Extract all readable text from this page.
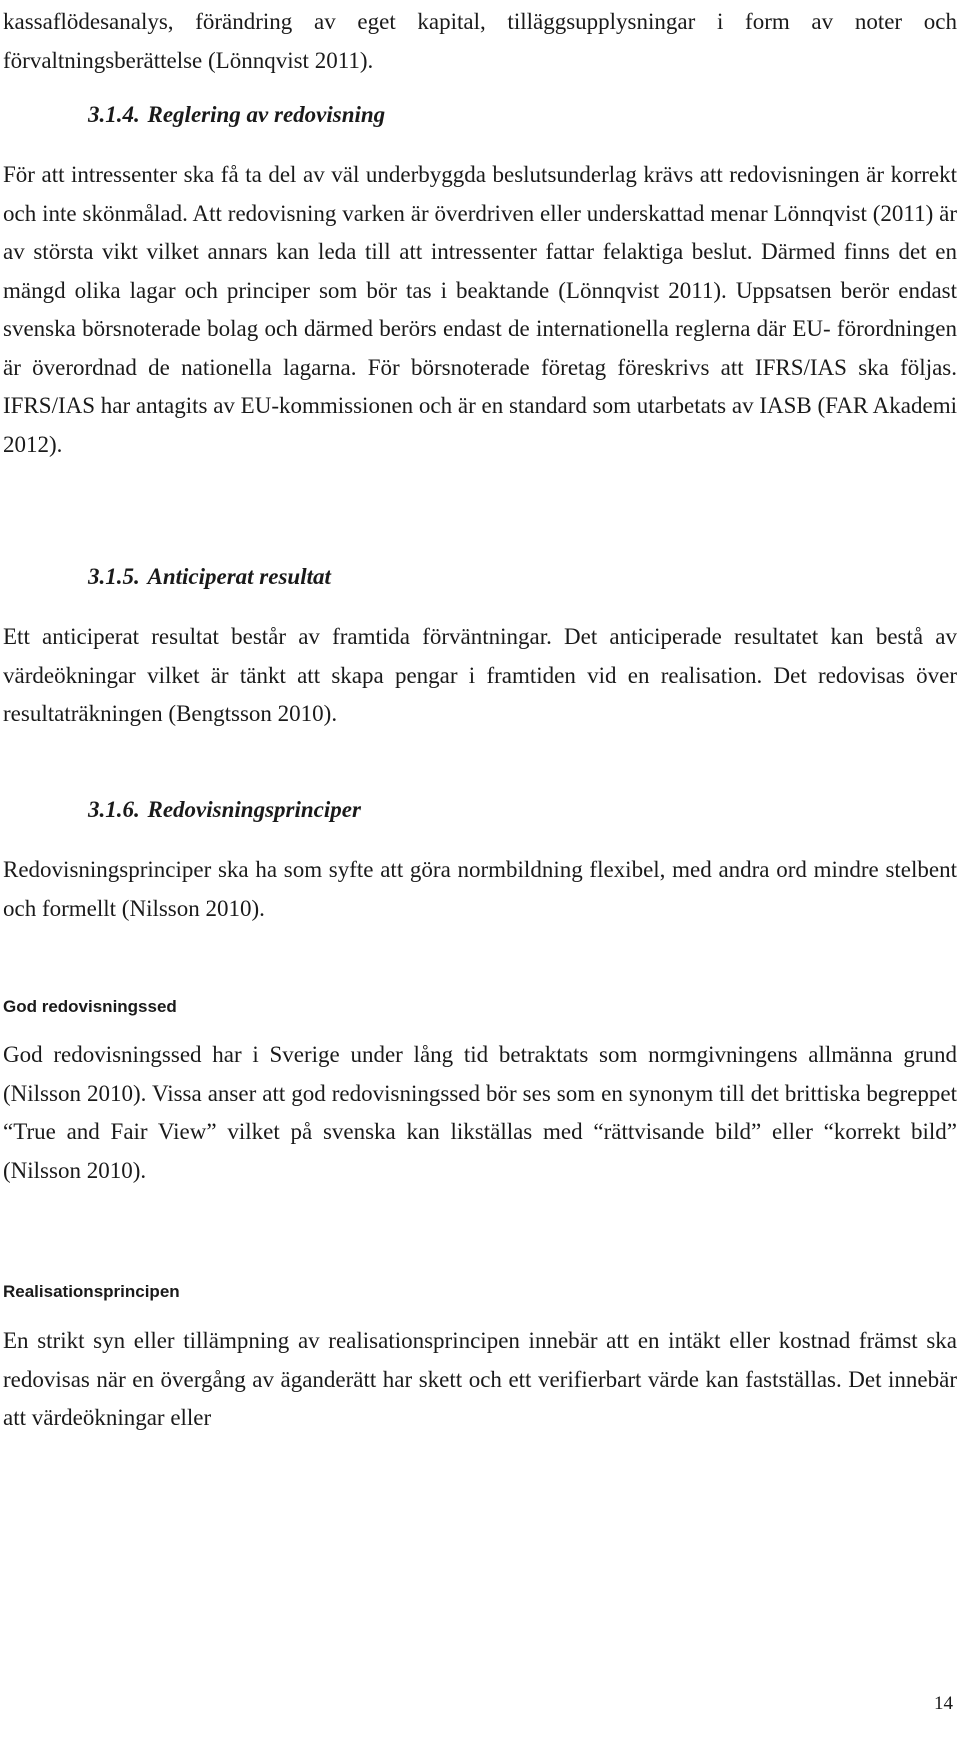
kassaflödesanalys, förändring av eget kapital, tilläggsupplysningar i form av noter och förvaltningsberättelse (Lönnqvist 2011).

3.1.4. Reglering av redovisning

För att intressenter ska få ta del av väl underbyggda beslutsunderlag krävs att redovisningen är korrekt och inte skönmålad. Att redovisning varken är överdriven eller underskattad menar Lönnqvist (2011) är av största vikt vilket annars kan leda till att intressenter fattar felaktiga beslut. Därmed finns det en mängd olika lagar och principer som bör tas i beaktande (Lönnqvist 2011). Uppsatsen berör endast svenska börsnoterade bolag och därmed berörs endast de internationella reglerna där EU- förordningen är överordnad de nationella lagarna. För börsnoterade företag föreskrivs att IFRS/IAS ska följas. IFRS/IAS har antagits av EU-kommissionen och är en standard som utarbetats av IASB (FAR Akademi 2012).

3.1.5. Anticiperat resultat

Ett anticiperat resultat består av framtida förväntningar. Det anticiperade resultatet kan bestå av värdeökningar vilket är tänkt att skapa pengar i framtiden vid en realisation. Det redovisas över resultaträkningen (Bengtsson 2010).

3.1.6. Redovisningsprinciper

Redovisningsprinciper ska ha som syfte att göra normbildning flexibel, med andra ord mindre stelbent och formellt (Nilsson 2010).

God redovisningssed

God redovisningssed har i Sverige under lång tid betraktats som normgivningens allmänna grund (Nilsson 2010). Vissa anser att god redovisningssed bör ses som en synonym till det brittiska begreppet “True and Fair View” vilket på svenska kan likställas med “rättvisande bild” eller “korrekt bild” (Nilsson 2010).

Realisationsprincipen

En strikt syn eller tillämpning av realisationsprincipen innebär att en intäkt eller kostnad främst ska redovisas när en övergång av äganderätt har skett och ett verifierbart värde kan fastställas. Det innebär att värdeökningar eller

14
